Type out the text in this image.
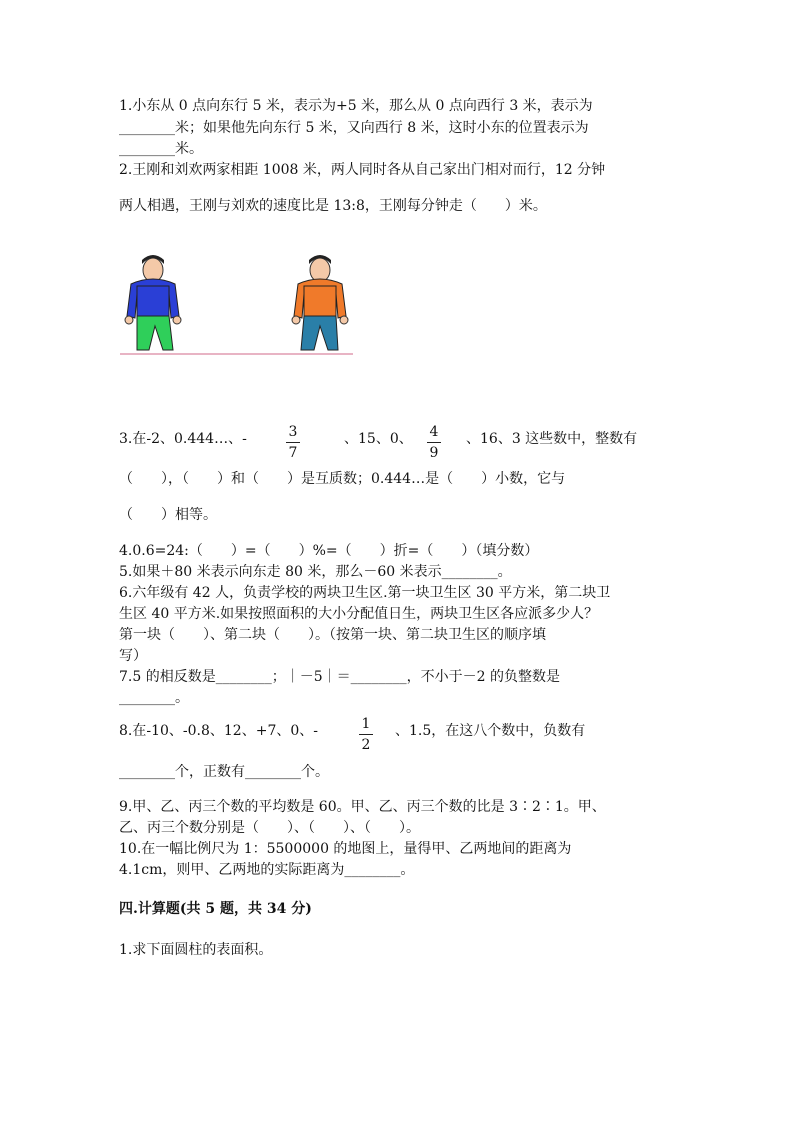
1.小东从 0 点向东行 5 米，表示为+5 米，那么从 0 点向西行 3 米，表示为
________米；如果他先向东行 5 米，又向西行 8 米，这时小东的位置表示为
________米。
2.王刚和刘欢两家相距 1008 米，两人同时各从自己家出门相对而行，12 分钟
两人相遇，王刚与刘欢的速度比是 13:8，王刚每分钟走（　　）米。
3.在-2、0.444…、-	3
7
、15、0、 4
9
、16、3 这些数中，整数有
（　　），（　　）和（　　）是互质数；0.444…是（　　）小数，它与
（　　）相等。
4.0.6=24:（　　）=（　　）%=（　　）折=（　　）（填分数）
5.如果＋80 米表示向东走 80 米，那么－60 米表示________。
6.六年级有 42 人，负责学校的两块卫生区.第一块卫生区 30 平方米，第二块卫
生区 40 平方米.如果按照面积的大小分配值日生，两块卫生区各应派多少人？
第一块（　　）、第二块（　　）。（按第一块、第二块卫生区的顺序填
写）
7.5 的相反数是________；｜－5｜＝________，不小于－2 的负整数是
________。
8.在-10、-0.8、12、+7、0、-	1
2
、1.5，在这八个数中，负数有
________个，正数有________个。
9.甲、乙、丙三个数的平均数是 60。甲、乙、丙三个数的比是 3∶2∶1。甲、
乙、丙三个数分别是（　　）、（　　）、（　　）。
10.在一幅比例尺为 1：5500000 的地图上，量得甲、乙两地间的距离为
4.1cm，则甲、乙两地的实际距离为________。
四.计算题(共 5 题，共 34 分)
1.求下面圆柱的表面积。
